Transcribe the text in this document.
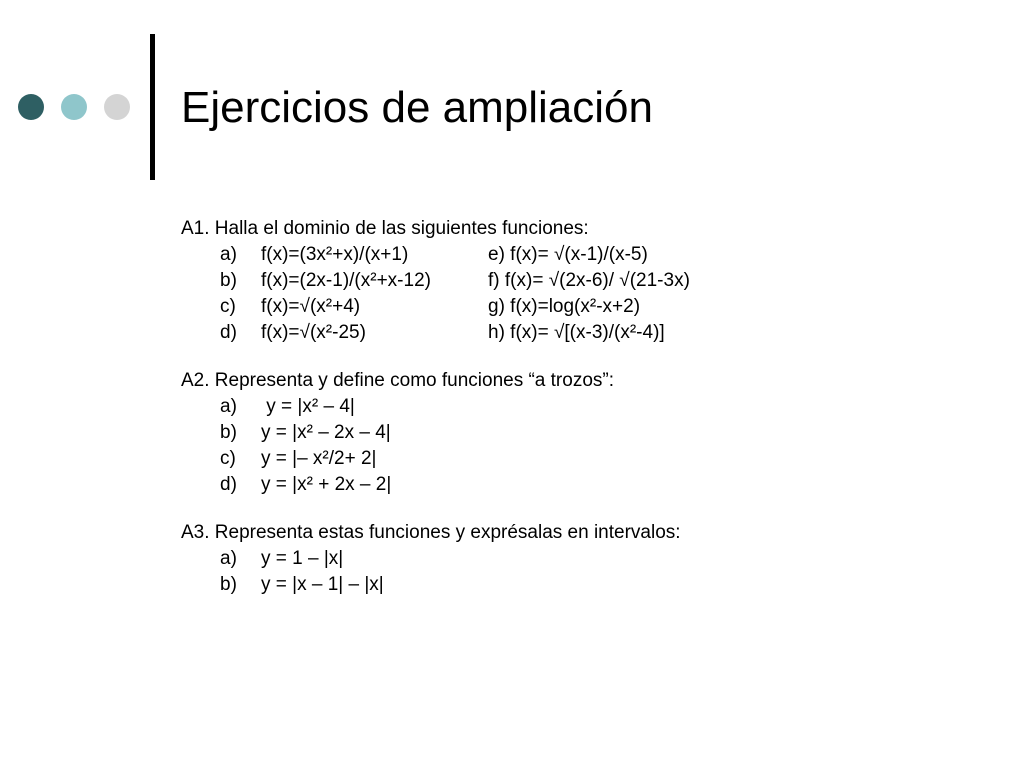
Ejercicios de ampliación
A1. Halla el dominio de las siguientes funciones:
a) f(x)=(3x²+x)/(x+1)	e) f(x)= √(x-1)/(x-5)
b) f(x)=(2x-1)/(x²+x-12)	f) f(x)= √(2x-6)/ √(21-3x)
c) f(x)=√(x²+4)	g) f(x)=log(x²-x+2)
d) f(x)=√(x²-25)	h) f(x)= √[(x-3)/(x²-4)]
A2. Representa y define como funciones “a trozos”:
a) y = |x² – 4|
b) y = |x² – 2x – 4|
c) y = |– x²/2+ 2|
d) y = |x² + 2x – 2|
A3. Representa estas funciones y exprésalas en intervalos:
a) y = 1 – |x|
b) y = |x – 1| – |x|
